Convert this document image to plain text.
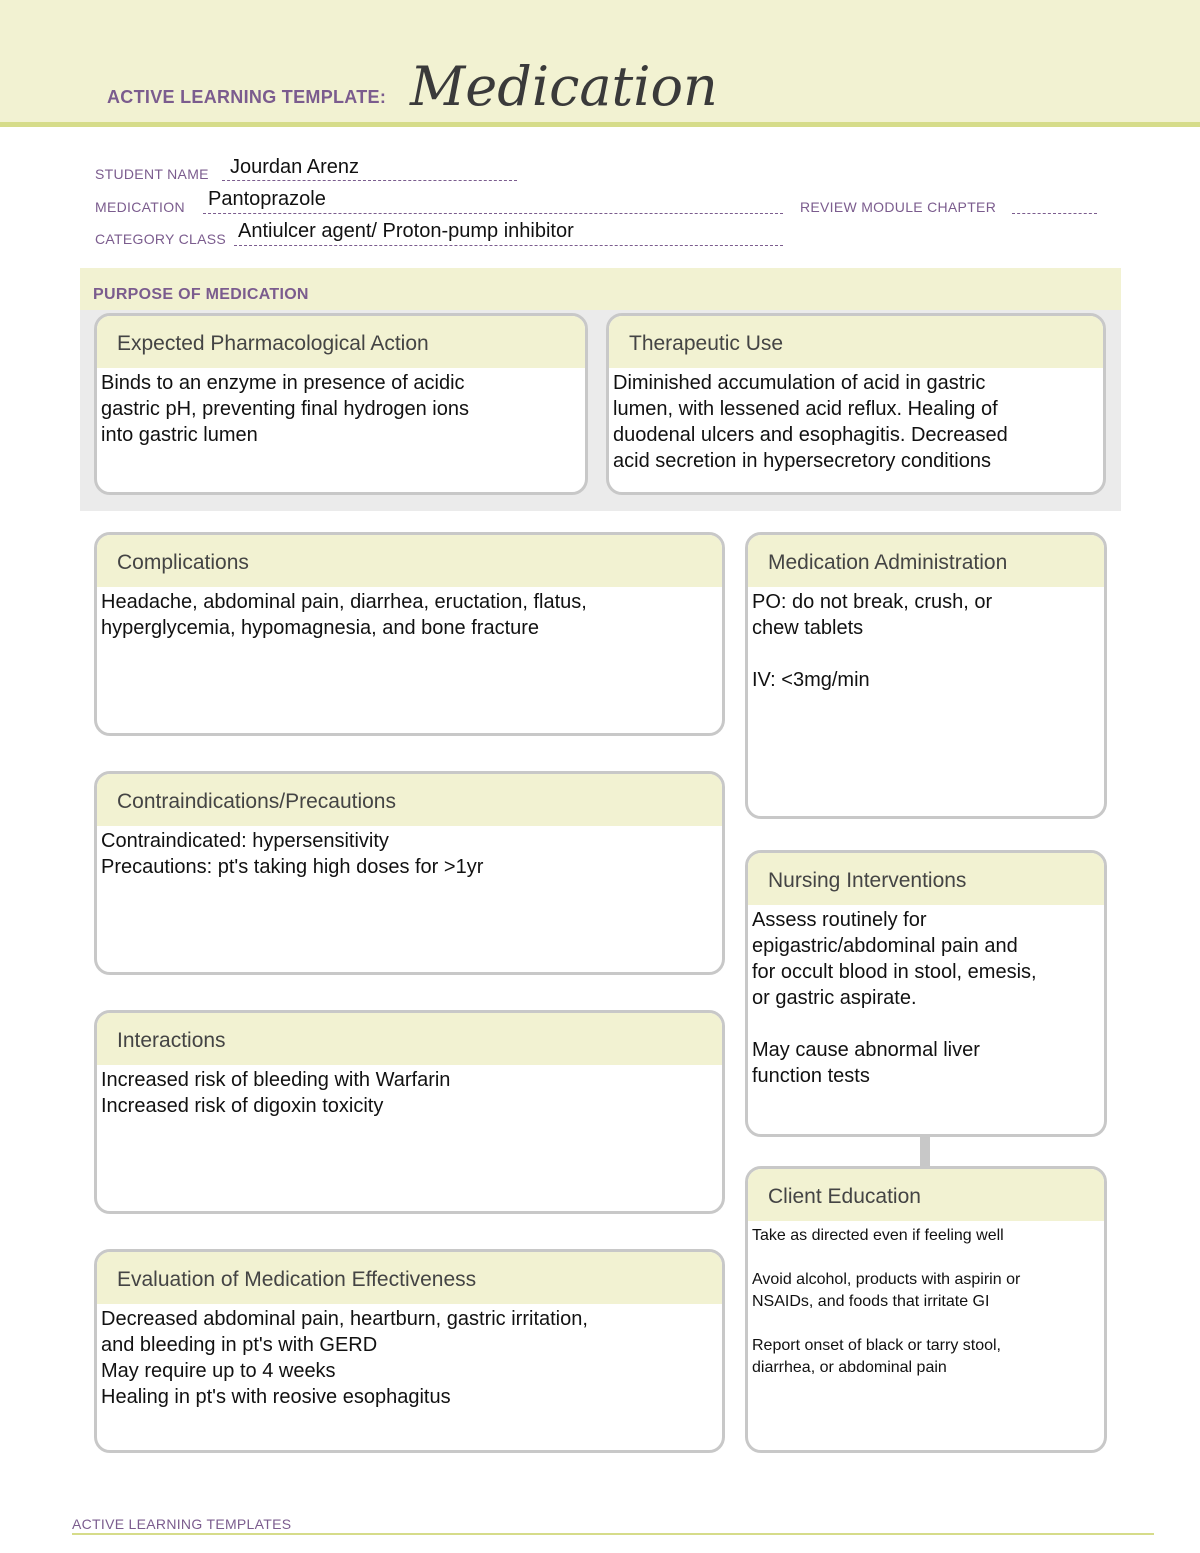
ACTIVE LEARNING TEMPLATE: Medication
STUDENT NAME Jourdan Arenz
MEDICATION Pantoprazole	REVIEW MODULE CHAPTER
CATEGORY CLASS Antiulcer agent/ Proton-pump inhibitor
PURPOSE OF MEDICATION
Expected Pharmacological Action

Binds to an enzyme in presence of acidic

gastric pH, preventing final hydrogen ions

into gastric lumen

Therapeutic Use

Diminished accumulation of acid in gastric

lumen, with lessened acid reflux. Healing of

duodenal ulcers and esophagitis. Decreased

acid secretion in hypersecretory conditions

Complications

Headache, abdominal pain, diarrhea, eructation, flatus,

hyperglycemia, hypomagnesia, and bone fracture

Contraindications/Precautions

Contraindicated: hypersensitivity

Precautions: pt's taking high doses for >1yr

Interactions

Increased risk of bleeding with Warfarin

Increased risk of digoxin toxicity

Evaluation of Medication Effectiveness

Decreased abdominal pain, heartburn, gastric irritation,

and bleeding in pt's with GERD

May require up to 4 weeks

Healing in pt's with reosive esophagitus

Medication Administration

PO: do not break, crush, or

chew tablets

IV: <3mg/min

Nursing Interventions

Assess routinely for

epigastric/abdominal pain and

for occult blood in stool, emesis,

or gastric aspirate.

May cause abnormal liver

function tests

Client Education

Take as directed even if feeling well

Avoid alcohol, products with aspirin or

NSAIDs, and foods that irritate GI

Report onset of black or tarry stool,

diarrhea, or abdominal pain

ACTIVE LEARNING TEMPLATES
